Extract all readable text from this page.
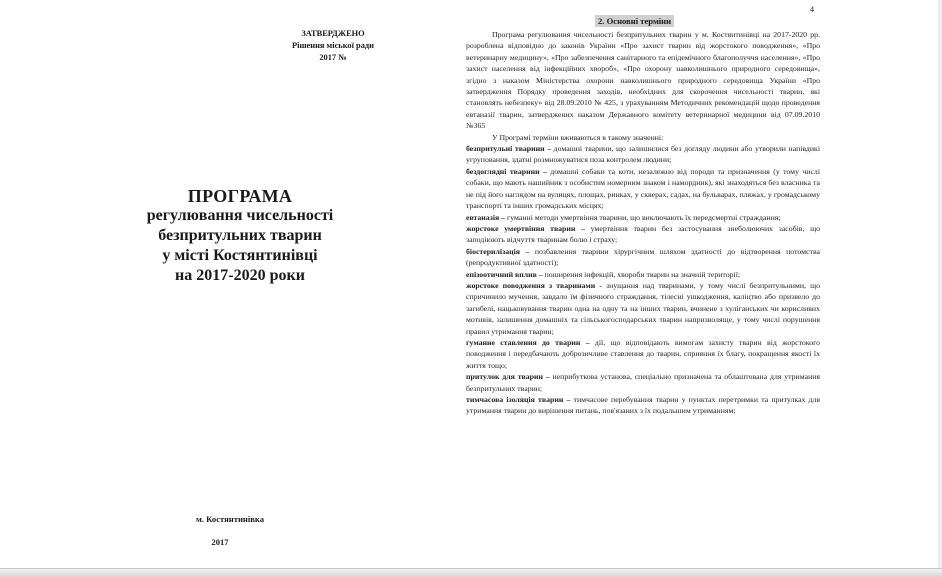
ЗАТВЕРДЖЕНО
Рішення міської ради
2017 №
ПРОГРАМА
регулювання чисельності
безпритульних тварин
у місті Костянтинівці
на 2017-2020 роки
м. Костянтинівка
2017
4
2. Основні терміни

Програма регулювання чисельності безпритульних тварин у м. Костянтинівці на 2017-2020 рр. розроблена відповідно до законів України «Про захист тварин від жорстокого поводження», «Про ветеринарну медицину», «Про забезпечення санітарного та епідемічного благополуччя населення», «Про захист населення від інфекційних хвороб», «Про охорону навколишнього природного середовища», згідно з наказом Міністерства охорони навколишнього природного середовища України «Про затвердження Порядку проведення заходів, необхідних для скорочення чисельності тварин, які становлять небезпеку» від 28.09.2010 № 425, з урахуванням Методичних рекомендацій щодо проведення евтаназії тварин, затверджених наказом Державного комітету ветеринарної медицини від 07.09.2010 №365

У Програмі терміни вживаються в такому значенні:

безпритульні тварини – домашні тварини, що залишилися без догляду людини або утворили напівдикі угруповання, здатні розмножуватися поза контролем людини;

бездоглядні тварини – домашні собаки та коти, незалежно від породи та призначення (у тому числі собаки, що мають нашийник з особистим номерним знаком і намордник), які знаходяться без власника та не під його наглядом на вулицях, площах, ринках, у скверах, садах, на бульварах, пляжах, у громадському транспорті та інших громадських місцях;

евтаназія – гуманні методи умертвіння тварини, що виключають їх передсмертні страждання;

жорстоке умертвіння тварин – умертвіння тварин без застосування знеболюючих засобів, що заподіюють відчуття тваринам болю і страху;

біостерилізація – позбавлення тварини хірургічним шляхом здатності до відтворення потомства (репродуктивної здатності);

епізоотичний вплив – поширення інфекцій, хвороби тварин на значній території;

жорстоке поводження з тваринами - знущання над тваринами, у тому числі безпритульними, що спричинило мучення, завдало їм фізичного страждання, тілесні ушкодження, каліцтво або призвело до загибелі, нацьковування тварин одна на одну та на інших тварин, вчинене з хуліганських чи корисливих мотивів, залишення домашніх та сільськогосподарських тварин напризволяще, у тому числі порушення правил утримання тварин;

гуманне ставлення до тварин – дії, що відповідають вимогам захисту тварин від жорстокого поводження і передбачають доброзичливе ставлення до тварин, сприяння їх благу, покращення якості їх життя тощо;

притулок для тварин – неприбуткова установа, спеціально призначена та облаштована для утримання безпритульних тварин;

тимчасова ізоляція тварин – тимчасове перебування тварин у пунктах перетримки та притулках для утримання тварин до вирішення питань, пов'язаних з їх подальшим утриманням;
